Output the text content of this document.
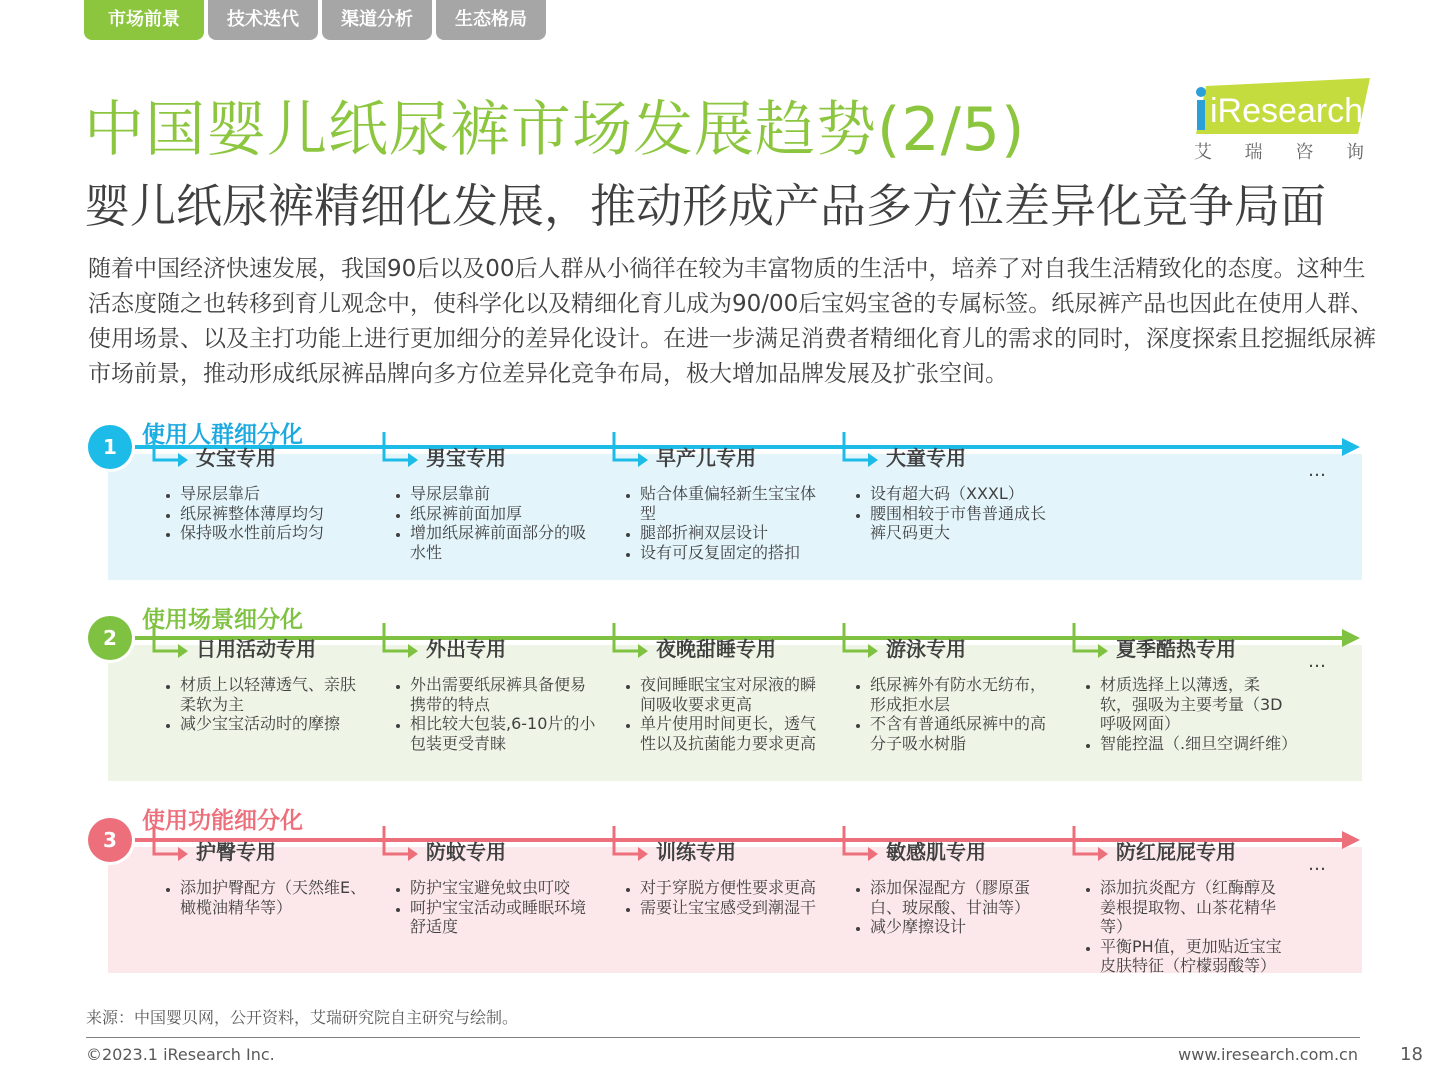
市场前景	技术迭代	渠道分析	生态格局
中国婴儿纸尿裤市场发展趋势(2/5)
婴儿纸尿裤精细化发展，推动形成产品多方位差异化竞争局面
iResearch
艾 瑞 咨 询
随着中国经济快速发展，我国90后以及00后人群从小徜徉在较为丰富物质的生活中，培养了对自我生活精致化的态度。这种生活态度随之也转移到育儿观念中，使科学化以及精细化育儿成为90/00后宝妈宝爸的专属标签。纸尿裤产品也因此在使用人群、使用场景、以及主打功能上进行更加细分的差异化设计。在进一步满足消费者精细化育儿的需求的同时，深度探索且挖掘纸尿裤市场前景，推动形成纸尿裤品牌向多方位差异化竞争布局，极大增加品牌发展及扩张空间。
1	使用人群细分化
女宝专用
• 导尿层靠后
• 纸尿裤整体薄厚均匀
• 保持吸水性前后均匀
男宝专用
• 导尿层靠前
• 纸尿裤前面加厚
• 增加纸尿裤前面部分的吸水性
早产儿专用
• 贴合体重偏轻新生宝宝体型
• 腿部折裥双层设计
• 设有可反复固定的搭扣
大童专用
• 设有超大码（XXXL）
• 腰围相较于市售普通成长裤尺码更大
…
2
使用场景细分化
日用活动专用
• 材质上以轻薄透气、亲肤柔软为主
• 减少宝宝活动时的摩擦
外出专用
• 外出需要纸尿裤具备便易携带的特点
• 相比较大包装,6-10片的小包装更受青睐
夜晚甜睡专用
• 夜间睡眠宝宝对尿液的瞬间吸收要求更高
• 单片使用时间更长，透气性以及抗菌能力要求更高
游泳专用
• 纸尿裤外有防水无纺布，形成拒水层
• 不含有普通纸尿裤中的高分子吸水树脂
夏季酷热专用
• 材质选择上以薄透，柔软，强吸为主要考量（3D呼吸网面）
• 智能控温（.细旦空调纤维）
…
3
使用功能细分化
护臀专用
• 添加护臀配方（天然维E、橄榄油精华等）
防蚊专用
• 防护宝宝避免蚊虫叮咬
• 呵护宝宝活动或睡眠环境舒适度
训练专用
• 对于穿脱方便性要求更高
• 需要让宝宝感受到潮湿干
敏感肌专用
• 添加保湿配方（膠原蛋白、玻尿酸、甘油等）
• 减少摩擦设计
防红屁屁专用
• 添加抗炎配方（红酶醇及姜根提取物、山茶花精华等）
• 平衡PH值，更加贴近宝宝皮肤特征（柠檬弱酸等）
…
来源：中国婴贝网，公开资料，艾瑞研究院自主研究与绘制。
©2023.1 iResearch Inc.	www.iresearch.com.cn 18
